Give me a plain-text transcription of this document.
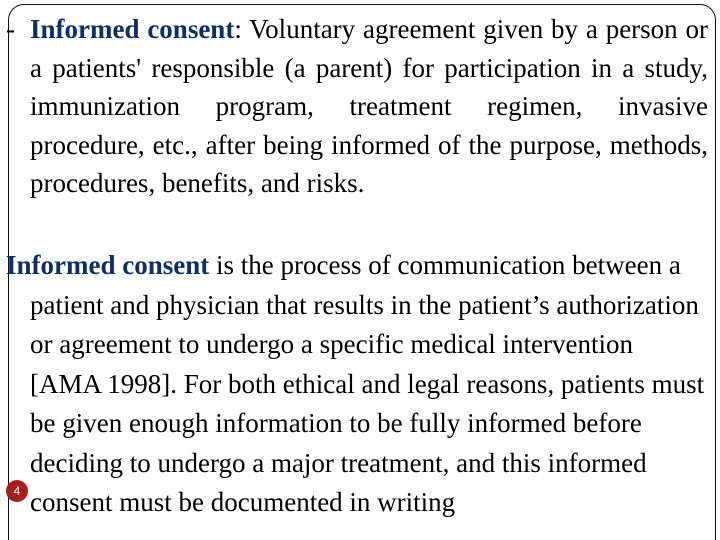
- Informed consent: Voluntary agreement given by a person or a patients' responsible (a parent) for participation in a study, immunization program, treatment regimen, invasive procedure, etc., after being informed of the purpose, methods, procedures, benefits, and risks.
Informed consent is the process of communication between a patient and physician that results in the patient’s authorization or agreement to undergo a specific medical intervention [AMA 1998]. For both ethical and legal reasons, patients must be given enough information to be fully informed before deciding to undergo a major treatment, and this informed consent must be documented in writing
4
